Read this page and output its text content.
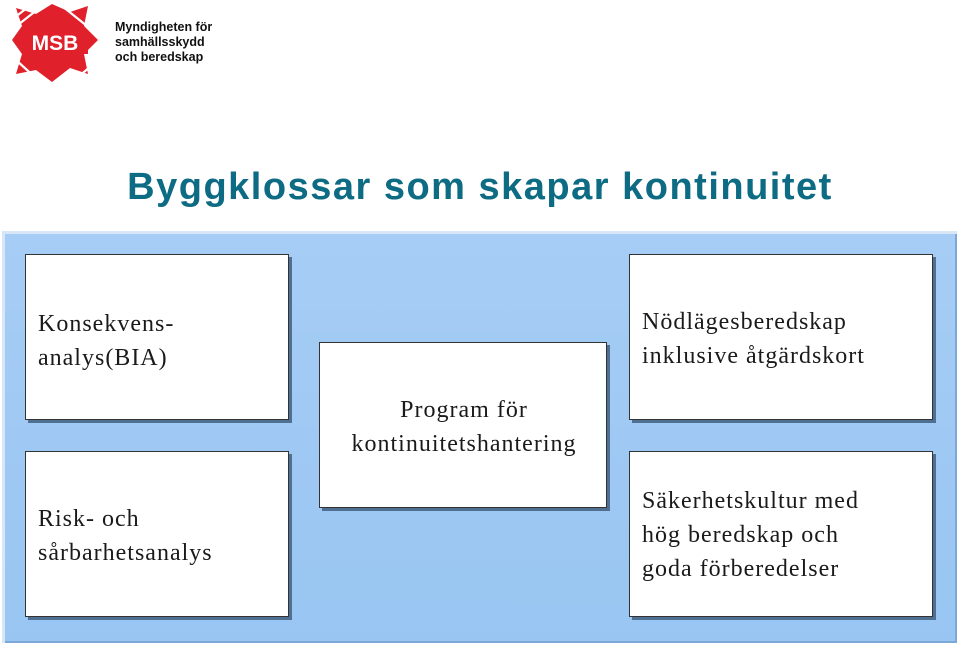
MSB
Myndigheten för
samhällsskydd
och beredskap
Byggklossar som skapar kontinuitet
Konsekvens-
analys(BIA)
Risk- och
sårbarhetsanalys
Program för
kontinuitetshantering
Nödlägesberedskap
inklusive åtgärdskort
Säkerhetskultur med
hög beredskap och
goda förberedelser
